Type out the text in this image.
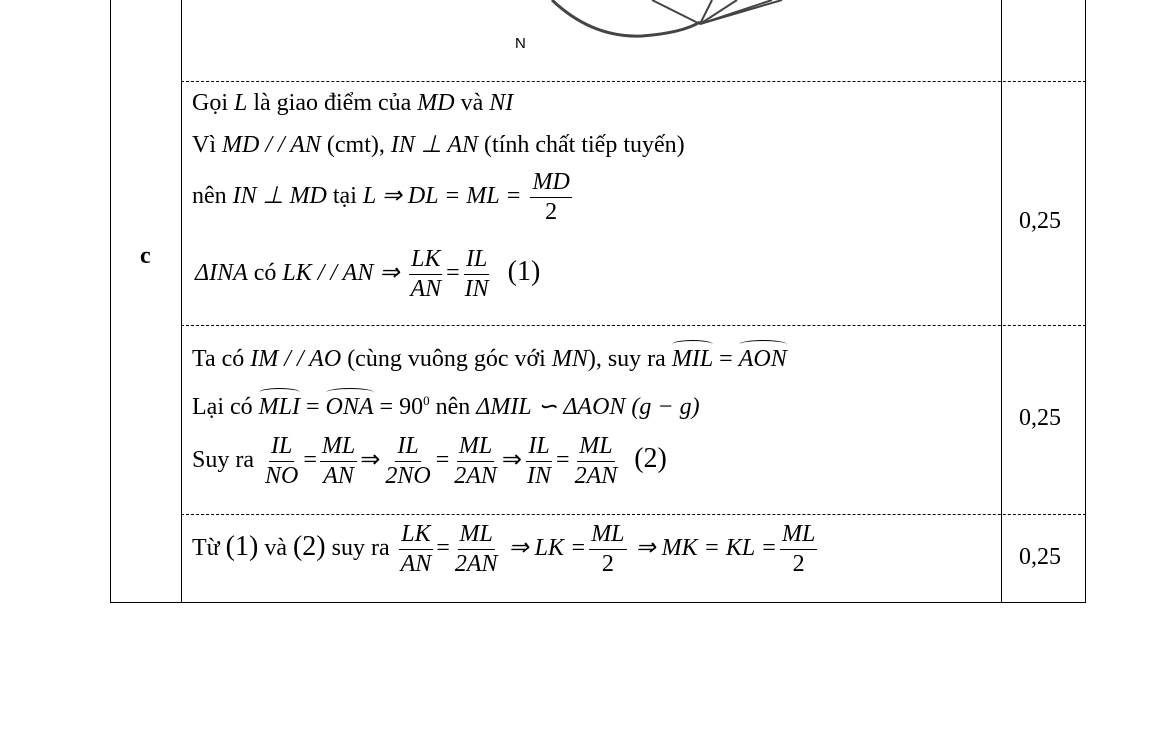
N
c
Gọi L là giao điểm của MD và NI
Vì MD / / AN (cmt), IN ⊥ AN (tính chất tiếp tuyến)
nên IN ⊥ MD tại L ⇒ DL = ML = $\frac{MD}{2}$
ΔINA có LK / / AN ⇒ $\frac{LK}{AN} = \frac{IL}{IN} (1)$
0,25
Ta có IM / / AO (cùng vuông góc với MN), suy ra MIL = AON
Lại có MLI = ONA = $90^0$ nên ΔMIL ∽ ΔAON (g − g)
Suy ra $\frac{IL}{NO} = \frac{ML}{AN}$ ⇒ $\frac{IL}{2NO} = \frac{ML}{2AN}$ ⇒ $\frac{IL}{IN} = \frac{ML}{2AN} (2)$
0,25
Từ (1) và (2) suy ra $\frac{LK}{AN} = \frac{ML}{2AN}$ ⇒ LK = $\frac{ML}{2}$ ⇒ MK = KL = $\frac{ML}{2}$	0,25
